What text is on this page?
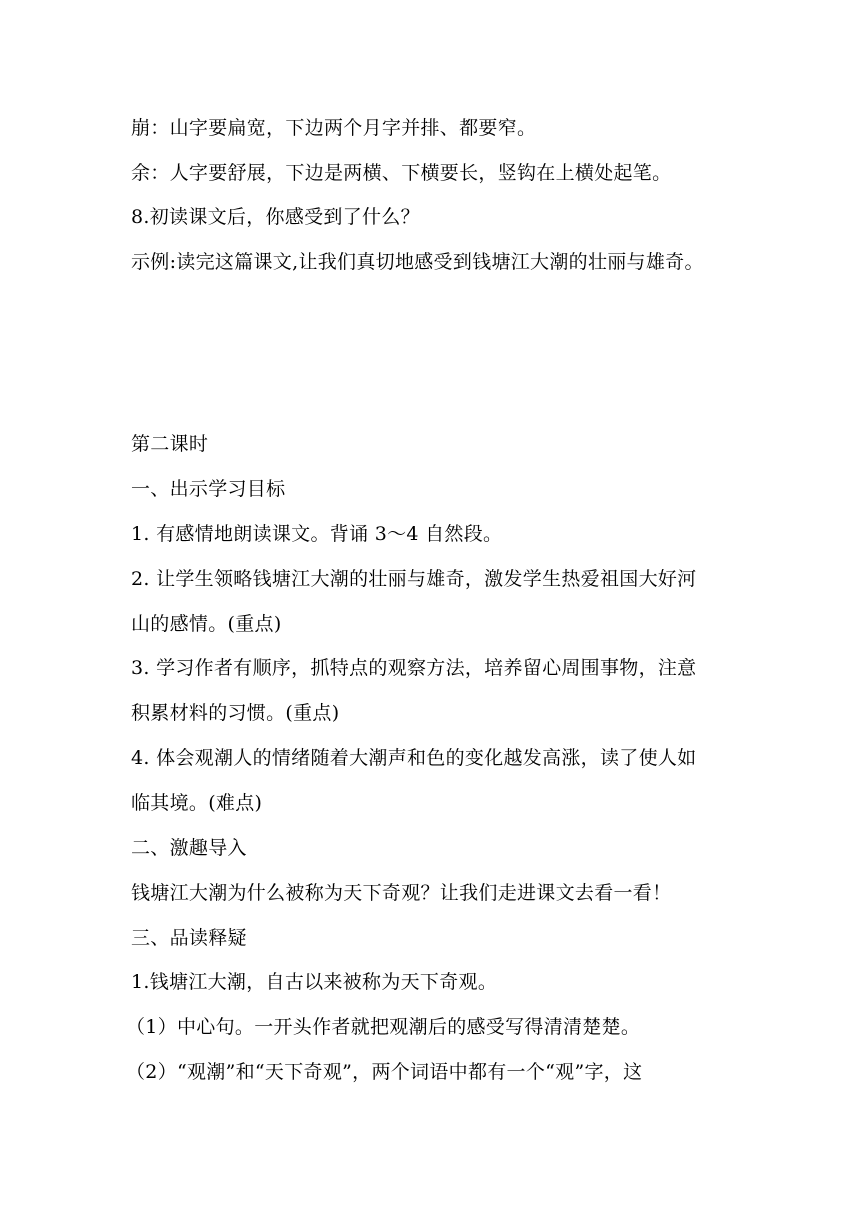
崩：山字要扁宽，下边两个月字并排、都要窄。
余：人字要舒展，下边是两横、下横要长，竖钩在上横处起笔。
8.初读课文后，你感受到了什么？
示例:读完这篇课文,让我们真切地感受到钱塘江大潮的壮丽与雄奇。
第二课时
一、出示学习目标
1. 有感情地朗读课文。背诵 3～4 自然段。
2. 让学生领略钱塘江大潮的壮丽与雄奇，激发学生热爱祖国大好河
山的感情。(重点)
3. 学习作者有顺序，抓特点的观察方法，培养留心周围事物，注意
积累材料的习惯。(重点)
4. 体会观潮人的情绪随着大潮声和色的变化越发高涨，读了使人如
临其境。(难点)
二、激趣导入
钱塘江大潮为什么被称为天下奇观？让我们走进课文去看一看！
三、品读释疑
1.钱塘江大潮，自古以来被称为天下奇观。
（1）中心句。一开头作者就把观潮后的感受写得清清楚楚。
（2）“观潮”和“天下奇观”，两个词语中都有一个“观”字，这
